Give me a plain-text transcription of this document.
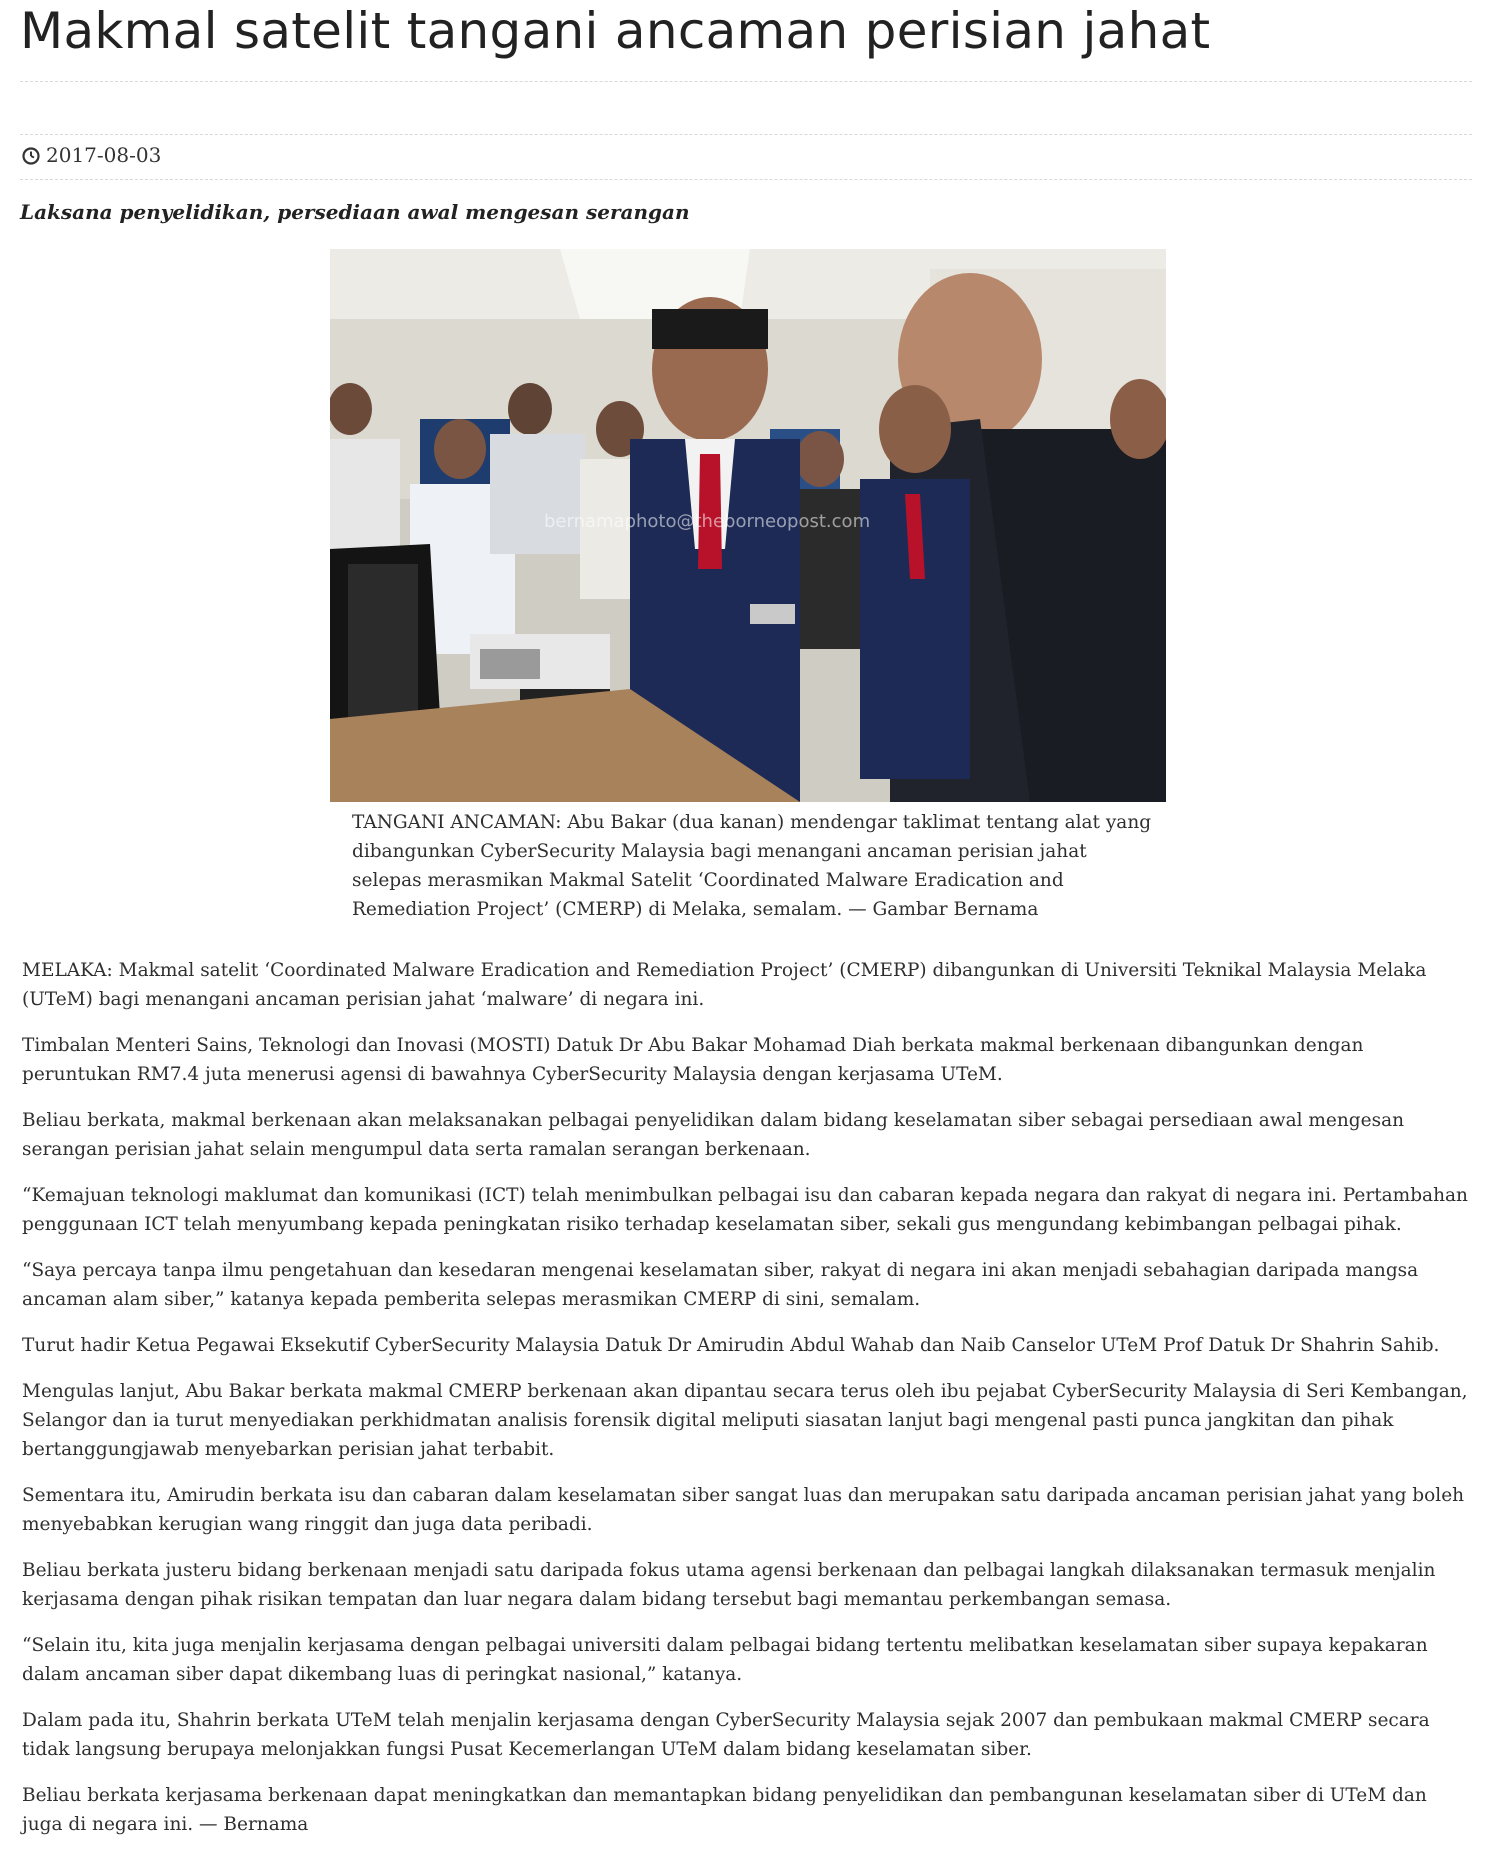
Makmal satelit tangani ancaman perisian jahat
2017-08-03
Laksana penyelidikan, persediaan awal mengesan serangan
bernamaphoto@theborneopost.com
TANGANI ANCAMAN: Abu Bakar (dua kanan) mendengar taklimat tentang alat yang dibangunkan CyberSecurity Malaysia bagi menangani ancaman perisian jahat selepas merasmikan Makmal Satelit ‘Coordinated Malware Eradication and Remediation Project’ (CMERP) di Melaka, semalam. — Gambar Bernama

MELAKA: Makmal satelit ‘Coordinated Malware Eradication and Remediation Project’ (CMERP) dibangunkan di Universiti Teknikal Malaysia Melaka (UTeM) bagi menangani ancaman perisian jahat ‘malware’ di negara ini.

Timbalan Menteri Sains, Teknologi dan Inovasi (MOSTI) Datuk Dr Abu Bakar Mohamad Diah berkata makmal berkenaan dibangunkan dengan peruntukan RM7.4 juta menerusi agensi di bawahnya CyberSecurity Malaysia dengan kerjasama UTeM.

Beliau berkata, makmal berkenaan akan melaksanakan pelbagai penyelidikan dalam bidang keselamatan siber sebagai persediaan awal mengesan serangan perisian jahat selain mengumpul data serta ramalan serangan berkenaan.

“Kemajuan teknologi maklumat dan komunikasi (ICT) telah menimbulkan pelbagai isu dan cabaran kepada negara dan rakyat di negara ini. Pertambahan penggunaan ICT telah menyumbang kepada peningkatan risiko terhadap keselamatan siber, sekali gus mengundang kebimbangan pelbagai pihak.

“Saya percaya tanpa ilmu pengetahuan dan kesedaran mengenai keselamatan siber, rakyat di negara ini akan menjadi sebahagian daripada mangsa ancaman alam siber,” katanya kepada pemberita selepas merasmikan CMERP di sini, semalam.

Turut hadir Ketua Pegawai Eksekutif CyberSecurity Malaysia Datuk Dr Amirudin Abdul Wahab dan Naib Canselor UTeM Prof Datuk Dr Shahrin Sahib.

Mengulas lanjut, Abu Bakar berkata makmal CMERP berkenaan akan dipantau secara terus oleh ibu pejabat CyberSecurity Malaysia di Seri Kembangan, Selangor dan ia turut menyediakan perkhidmatan analisis forensik digital meliputi siasatan lanjut bagi mengenal pasti punca jangkitan dan pihak bertanggungjawab menyebarkan perisian jahat terbabit.

Sementara itu, Amirudin berkata isu dan cabaran dalam keselamatan siber sangat luas dan merupakan satu daripada ancaman perisian jahat yang boleh menyebabkan kerugian wang ringgit dan juga data peribadi.

Beliau berkata justeru bidang berkenaan menjadi satu daripada fokus utama agensi berkenaan dan pelbagai langkah dilaksanakan termasuk menjalin kerjasama dengan pihak risikan tempatan dan luar negara dalam bidang tersebut bagi memantau perkembangan semasa.

“Selain itu, kita juga menjalin kerjasama dengan pelbagai universiti dalam pelbagai bidang tertentu melibatkan keselamatan siber supaya kepakaran dalam ancaman siber dapat dikembang luas di peringkat nasional,” katanya.

Dalam pada itu, Shahrin berkata UTeM telah menjalin kerjasama dengan CyberSecurity Malaysia sejak 2007 dan pembukaan makmal CMERP secara tidak langsung berupaya melonjakkan fungsi Pusat Kecemerlangan UTeM dalam bidang keselamatan siber.

Beliau berkata kerjasama berkenaan dapat meningkatkan dan memantapkan bidang penyelidikan dan pembangunan keselamatan siber di UTeM dan juga di negara ini. — Bernama
